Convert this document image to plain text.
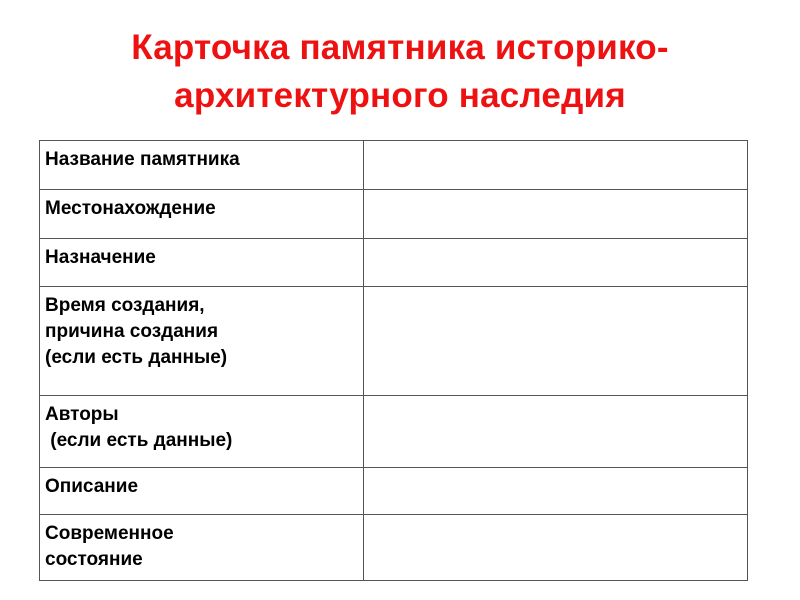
Карточка памятника историко-
архитектурного наследия
Название памятника	

Местонахождение	

Назначение	

Время создания,
причина создания
(если есть данные)	

Авторы
(если есть данные)	

Описание	

Современное
состояние	
